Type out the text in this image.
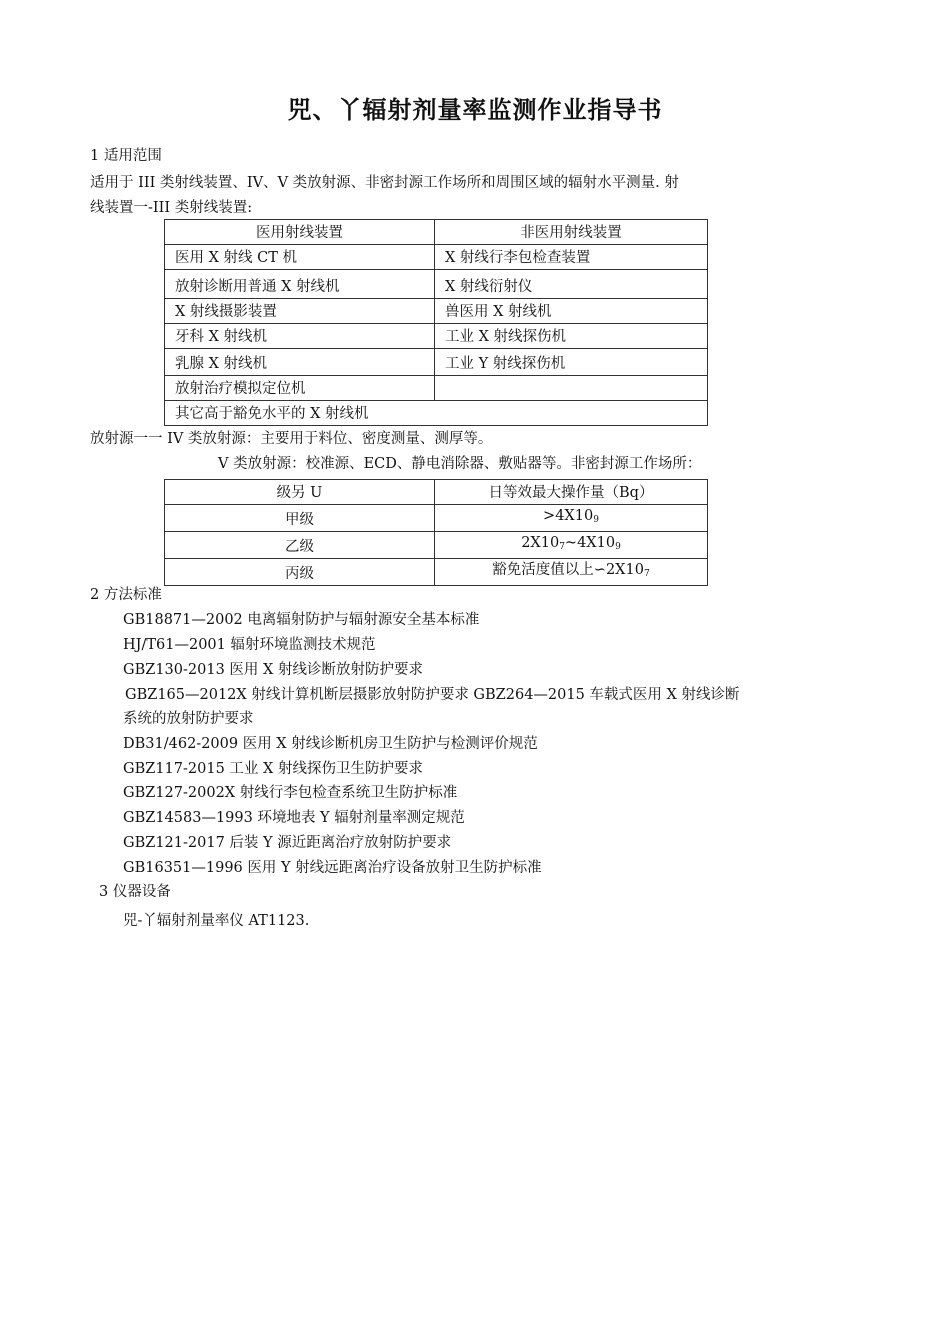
兕、丫辐射剂量率监测作业指导书
1 适用范围
适用于 III 类射线装置、IV、V 类放射源、非密封源工作场所和周围区域的辐射水平测量. 射
线装置一-III 类射线装置:
医用射线装置	非医用射线装置
医用 X 射线 CT 机	X 射线行李包检查装置
放射诊断用普通 X 射线机	X 射线衍射仪
X 射线摄影装置	兽医用 X 射线机
牙科 X 射线机	工业 X 射线探伤机
乳腺 X 射线机	工业 Y 射线探伤机
放射治疗模拟定位机	
其它高于豁免水平的 X 射线机	
放射源一一 IV 类放射源：主要用于料位、密度测量、测厚等。
V 类放射源：校准源、ECD、静电消除器、敷贴器等。非密封源工作场所：
级另 U	日等效最大操作量（Bq）
甲级	$>4X10_9$
乙级	$2X10_7\sim 4X10_9$
丙级	豁免活度值以上$∽2X10_7$
2 方法标准
GB18871—2002 电离辐射防护与辐射源安全基本标准
HJ/T61—2001 辐射环境监测技术规范
GBZ130-2013 医用 X 射线诊断放射防护要求
GBZ165—2012X 射线计算机断层摄影放射防护要求 GBZ264—2015 车载式医用 X 射线诊断
系统的放射防护要求
DB31/462-2009 医用 X 射线诊断机房卫生防护与检测评价规范
GBZ117-2015 工业 X 射线探伤卫生防护要求
GBZ127-2002X 射线行李包检查系统卫生防护标准
GBZ14583—1993 环境地表 Y 辐射剂量率测定规范
GBZ121-2017 后装 Y 源近距离治疗放射防护要求
GB16351—1996 医用 Y 射线远距离治疗设备放射卫生防护标准
3 仪器设备
兕-丫辐射剂量率仪 AT1123.
